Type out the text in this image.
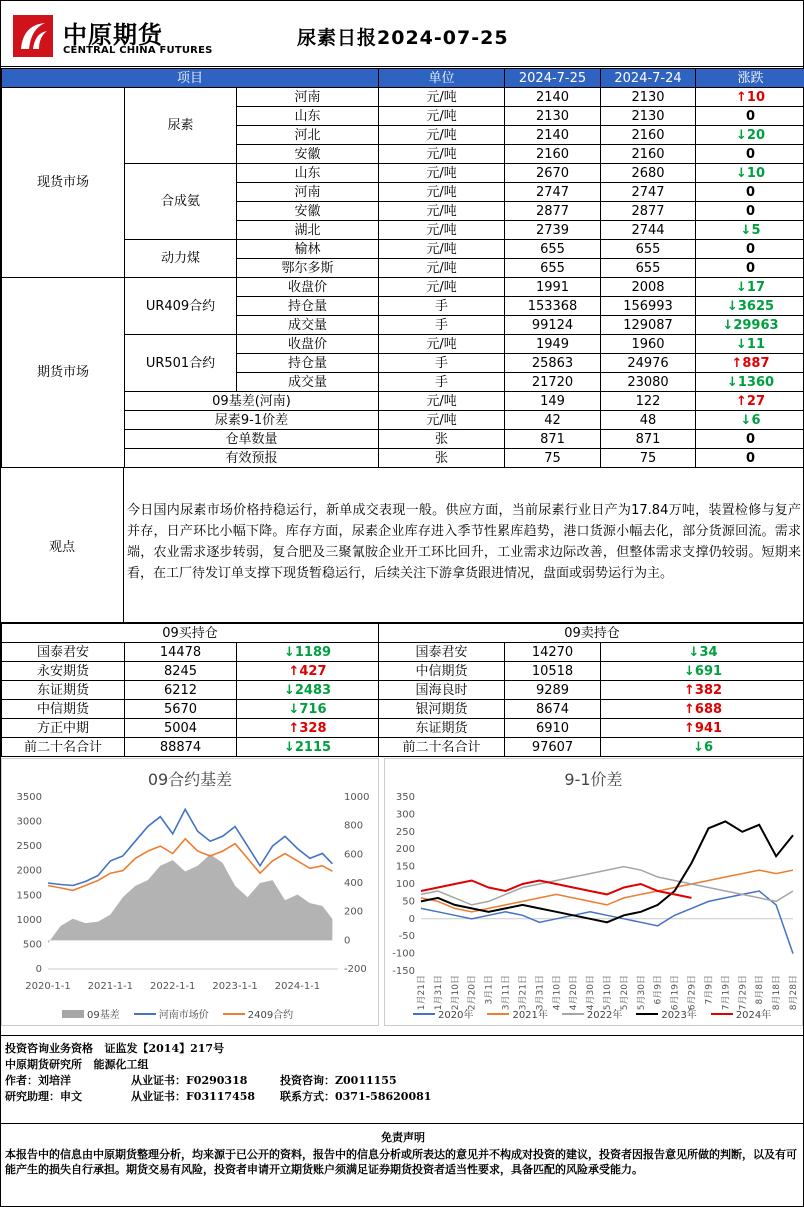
中原期货
CENTRAL CHINA FUTURES
尿素日报2024-07-25
项目			单位	2024-7-25	2024-7-24	涨跌
现货市场	尿素	河南	元/吨	2140	2130	↑10
		山东	元/吨	2130	2130	0
		河北	元/吨	2140	2160	↓20
		安徽	元/吨	2160	2160	0
	合成氨	山东	元/吨	2670	2680	↓10
		河南	元/吨	2747	2747	0
		安徽	元/吨	2877	2877	0
		湖北	元/吨	2739	2744	↓5
	动力煤	榆林	元/吨	655	655	0
		鄂尔多斯	元/吨	655	655	0
期货市场	UR409合约	收盘价	元/吨	1991	2008	↓17
		持仓量	手	153368	156993	↓3625
		成交量	手	99124	129087	↓29963
	UR501合约	收盘价	元/吨	1949	1960	↓11
		持仓量	手	25863	24976	↑887
		成交量	手	21720	23080	↓1360
	09基差(河南)		元/吨	149	122	↑27
	尿素9-1价差		元/吨	42	48	↓6
	仓单数量		张	871	871	0
	有效预报		张	75	75	0
观点
今日国内尿素市场价格持稳运行，新单成交表现一般。供应方面，当前尿素行业日产为17.84万吨，装置检修与复产并存，日产环比小幅下降。库存方面，尿素企业库存进入季节性累库趋势，港口货源小幅去化，部分货源回流。需求端，农业需求逐步转弱，复合肥及三聚氰胺企业开工环比回升，工业需求边际改善，但整体需求支撑仍较弱。短期来看，在工厂待发订单支撑下现货暂稳运行，后续关注下游拿货跟进情况，盘面或弱势运行为主。
09买持仓			09卖持仓		
国泰君安	14478	↓1189	国泰君安	14270	↓34
永安期货	8245	↑427	中信期货	10518	↓691
东证期货	6212	↓2483	国海良时	9289	↑382
中信期货	5670	↓716	银河期货	8674	↑688
方正中期	5004	↑328	东证期货	6910	↑941
前二十名合计	88874	↓2115	前二十名合计	97607	↓6
09合约基差
3500
3000
2500
2000
1500
1000
500
0
1000
800
600
400
200
0
-200
2020-1-1 2021-1-1 2022-1-1 2023-1-1 2024-1-1
09基差	河南市场价	2409合约
9-1价差
350
300
250
200
150
100
50
0
-50
-100
-150
1月21日 1月31日 2月10日 2月20日 3月1日 3月11日 3月21日 3月31日 4月10日 4月20日 4月30日 5月10日 5月20日 5月30日 6月9日 6月19日 6月29日 7月9日 7月19日 7月29日 8月8日 8月18日 8月28日
2020年	2021年	2022年	2023年	2024年
投资咨询业务资格 证监发【2014】217号
中原期货研究所 能源化工组
作者：刘培洋	从业证书：F0290318	投资咨询：Z0011155
研究助理：申文	从业证书：F03117458 联系方式：0371-58620081
免责声明
本报告中的信息由中原期货整理分析，均来源于已公开的资料，报告中的信息分析或所表达的意见并不构成对投资的建议，投资者因报告意见所做的判断，以及有可能产生的损失自行承担。期货交易有风险，投资者申请开立期货账户须满足证券期货投资者适当性要求，具备匹配的风险承受能力。
